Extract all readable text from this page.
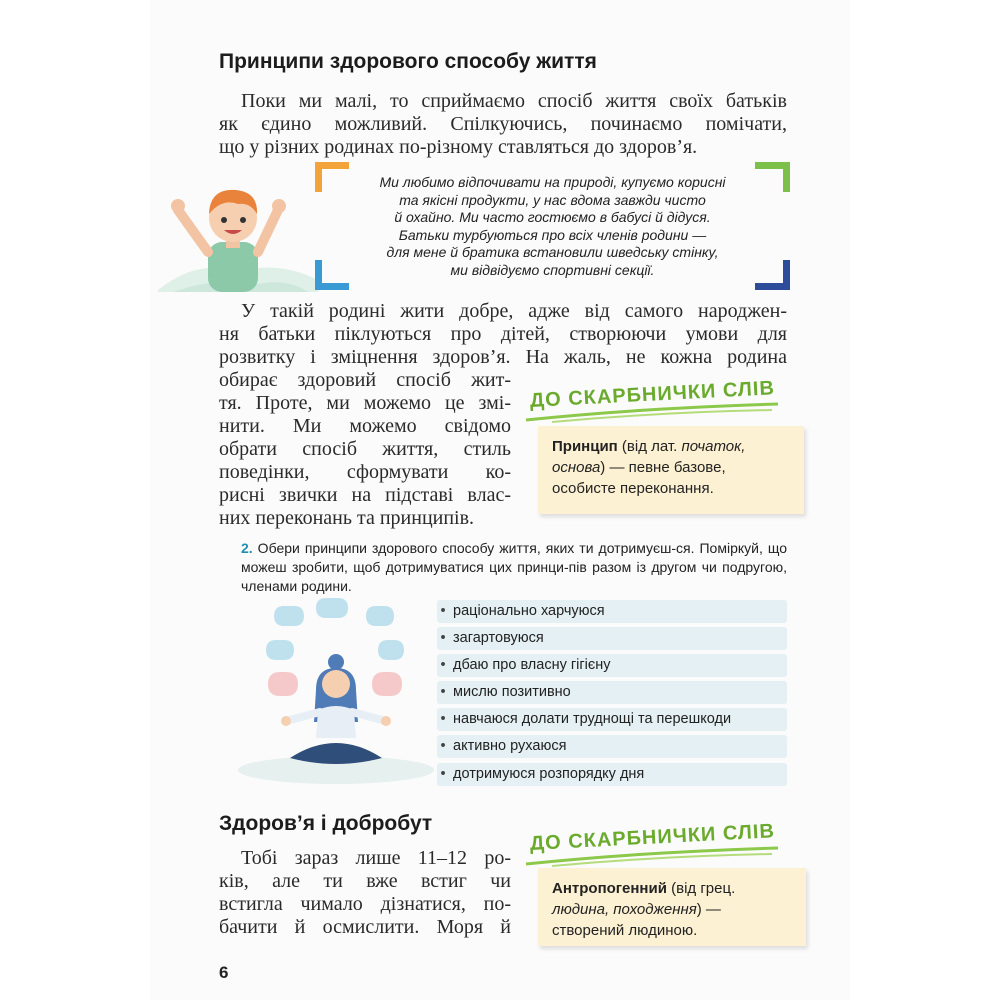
Принципи здорового способу життя
Поки ми малі, то сприймаємо спосіб життя своїх батьків
як єдино можливий. Спілкуючись, починаємо помічати,
що у різних родинах по-різному ставляться до здоров’я.
Ми любимо відпочивати на природі, купуємо корисні
та якісні продукти, у нас вдома завжди чисто
й охайно. Ми часто гостюємо в бабусі й дідуся.
Батьки турбуються про всіх членів родини —
для мене й братика встановили шведську стінку,
ми відвідуємо спортивні секції.
У такій родині жити добре, адже від самого народжен-
ня батьки піклуються про дітей, створюючи умови для
розвитку і зміцнення здоров’я. На жаль, не кожна родина
обирає здоровий спосіб жит-
тя. Проте, ми можемо це змі-
нити. Ми можемо свідомо
обрати спосіб життя, стиль
поведінки, сформувати ко-
рисні звички на підставі влас-
них переконань та принципів.
ДО СКАРБНИЧКИ СЛІВ
Принцип (від лат. початок, основа) — певне базове, особисте переконання.
2. Обери принципи здорового способу життя, яких ти дотримуєш-ся. Поміркуй, що можеш зробити, щоб дотримуватися цих принци-пів разом із другом чи подругою, членами родини.
• раціонально харчуюся
• загартовуюся
• дбаю про власну гігієну
• мислю позитивно
• навчаюся долати труднощі та перешкоди
• активно рухаюся
• дотримуюся розпорядку дня
Здоров’я і добробут
Тобі зараз лише 11–12 ро-
ків, але ти вже встиг чи
встигла чимало дізнатися, по-
бачити й осмислити. Моря й
ДО СКАРБНИЧКИ СЛІВ
Антропогенний (від грец. людина, походження) — створений людиною.
6
